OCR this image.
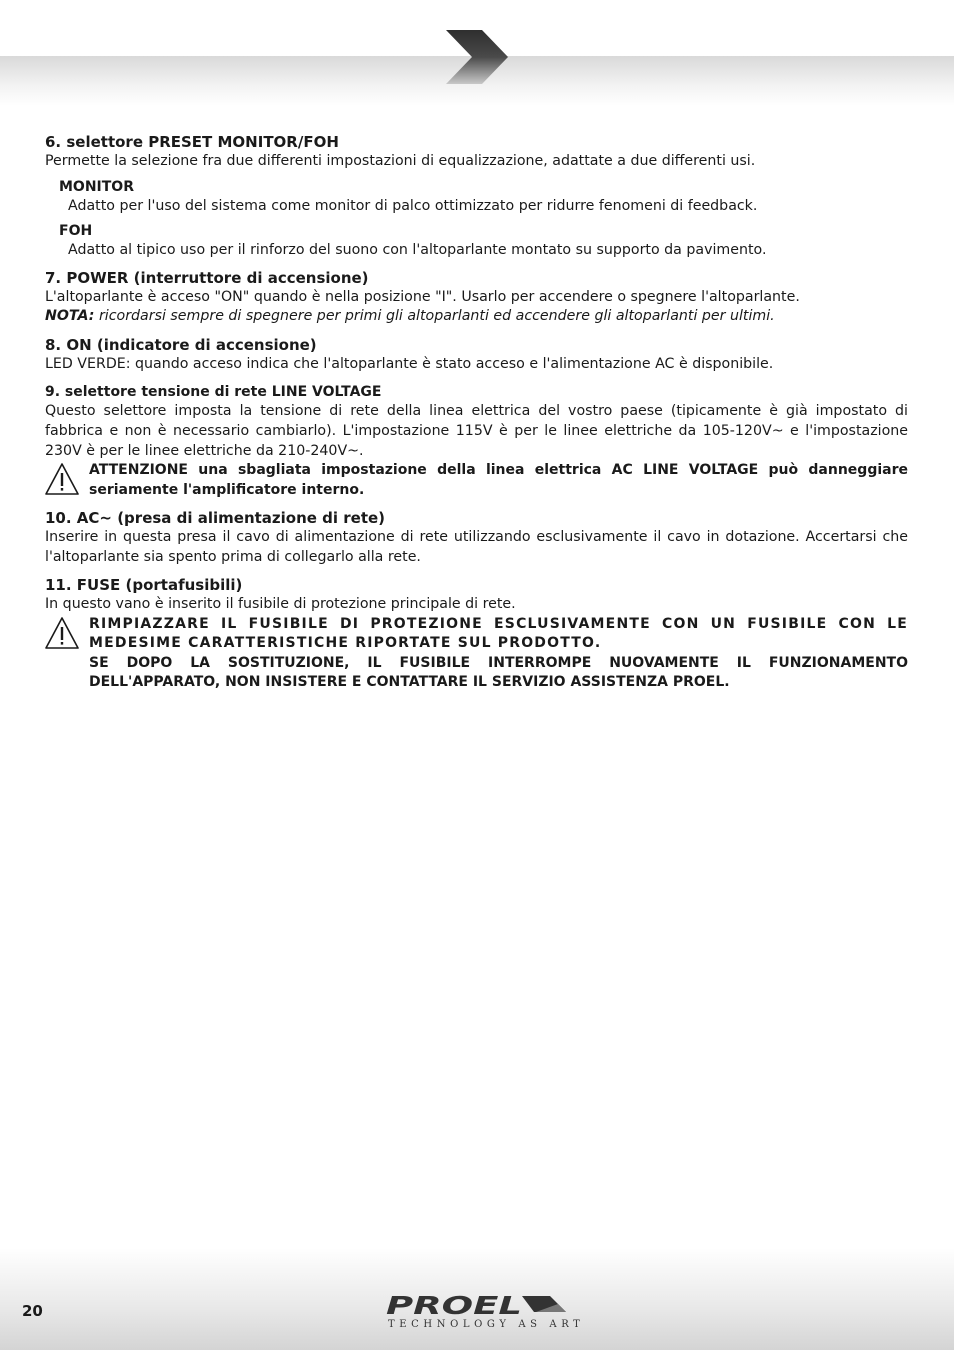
6. selettore PRESET MONITOR/FOH
Permette la selezione fra due differenti impostazioni di equalizzazione, adattate a due differenti usi.
MONITOR
Adatto per l'uso del sistema come monitor di palco ottimizzato per ridurre fenomeni di feedback.
FOH
Adatto al tipico uso per il rinforzo del suono con l'altoparlante montato su supporto da pavimento.
7. POWER (interruttore di accensione)
L'altoparlante è acceso "ON" quando è nella posizione "I". Usarlo per accendere o spegnere l'altoparlante.
NOTA: ricordarsi sempre di spegnere per primi gli altoparlanti ed accendere gli altoparlanti per ultimi.
8. ON (indicatore di accensione)
LED VERDE: quando acceso indica che l'altoparlante è stato acceso e l'alimentazione AC è disponibile.
9. selettore tensione di rete LINE VOLTAGE
Questo selettore imposta la tensione di rete della linea elettrica del vostro paese (tipicamente è già impostato di fabbrica e non è necessario cambiarlo). L'impostazione 115V è per le linee elettriche da 105-120V~ e l'impostazione 230V è per le linee elettriche da 210-240V~.
ATTENZIONE una sbagliata impostazione della linea elettrica AC LINE VOLTAGE può danneggiare seriamente l'amplificatore interno.
10. AC~ (presa di alimentazione di rete)
Inserire in questa presa il cavo di alimentazione di rete utilizzando esclusivamente il cavo in dotazione. Accertarsi che l'altoparlante sia spento prima di collegarlo alla rete.
11. FUSE (portafusibili)
In questo vano è inserito il fusibile di protezione principale di rete.
RIMPIAZZARE IL FUSIBILE DI PROTEZIONE ESCLUSIVAMENTE CON UN FUSIBILE CON LE MEDESIME CARATTERISTICHE RIPORTATE SUL PRODOTTO.
SE DOPO LA SOSTITUZIONE, IL FUSIBILE INTERROMPE NUOVAMENTE IL FUNZIONAMENTO DELL'APPARATO, NON INSISTERE E CONTATTARE IL SERVIZIO ASSISTENZA PROEL.
20	PROEL
TECHNOLOGY AS ART
